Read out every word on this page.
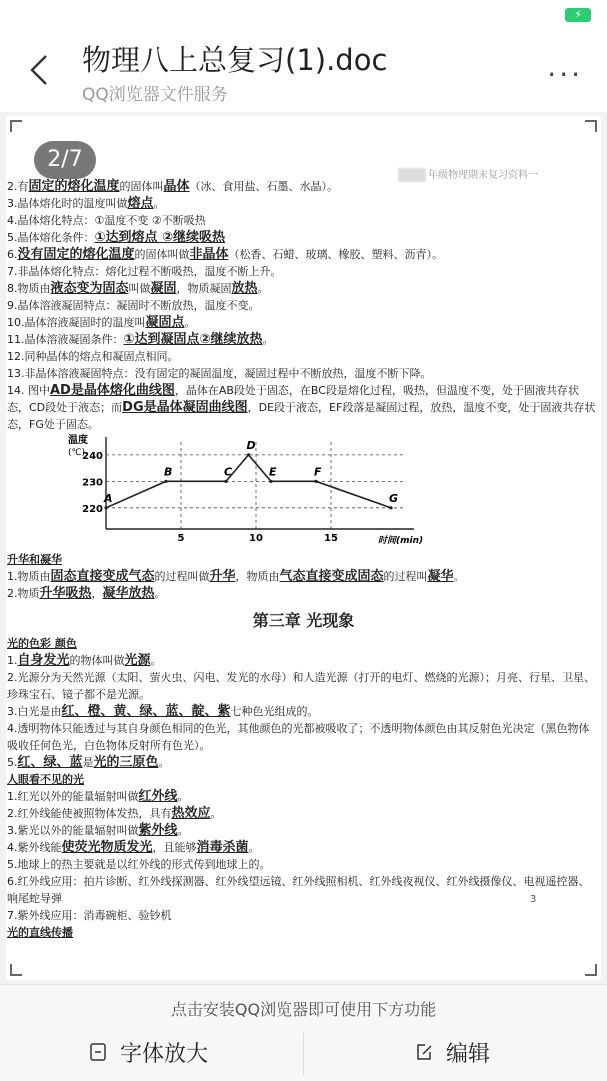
⚡
物理八上总复习(1).doc
QQ浏览器文件服务
···
年级物理期末复习资料一
2.有固定的熔化温度的固体叫晶体（冰、食用盐、石墨、水晶）。
3.晶体熔化时的温度叫做熔点。
4.晶体熔化特点：①温度不变 ②不断吸热
5.晶体熔化条件：①达到熔点 ②继续吸热
6.没有固定的熔化温度的固体叫做非晶体（松香、石蜡、玻璃、橡胶、塑料、沥青）。
7.非晶体熔化特点：熔化过程不断吸热，温度不断上升。
8.物质由液态变为固态叫做凝固，物质凝固放热。
9.晶体溶液凝固特点：凝固时不断放热，温度不变。
10.晶体溶液凝固时的温度叫凝固点。
11.晶体溶液凝固条件：①达到凝固点②继续放热。
12.同种晶体的熔点和凝固点相同。
13.非晶体溶液凝固特点：没有固定的凝固温度，凝固过程中不断放热，温度不断下降。
14. 图中AD是晶体熔化曲线图，晶体在AB段处于固态，在BC段是熔化过程，吸热，但温度不变，处于固液共存状态，CD段处于液态；而DG是晶体凝固曲线图，DE段于液态，EF段落是凝固过程，放热，温度不变，处于固液共存状态，FG处于固态。
温度
(℃)
240
230
220
5	10	15	时间(min)
A
B	C
D
E	F
G
升华和凝华
1.物质由固态直接变成气态的过程叫做升华，物质由气态直接变成固态的过程叫凝华。
2.物质升华吸热，凝华放热。
第三章 光现象
光的色彩 颜色
1.自身发光的物体叫做光源。
2.光源分为天然光源（太阳、萤火虫、闪电、发光的水母）和人造光源（打开的电灯、燃烧的光源）；月亮、行星、卫星、珍珠宝石、镜子都不是光源。
3.白光是由红、橙、黄、绿、蓝、靛、紫七种色光组成的。
4.透明物体只能透过与其自身颜色相同的色光，其他颜色的光都被吸收了；不透明物体颜色由其反射色光决定（黑色物体吸收任何色光，白色物体反射所有色光）。
5.红、绿、蓝是光的三原色。
人眼看不见的光
1.红光以外的能量辐射叫做红外线。
2.红外线能使被照物体发热，具有热效应。
3.紫光以外的能量辐射叫做紫外线。
4.紫外线能使荧光物质发光，且能够消毒杀菌。
5.地球上的热主要就是以红外线的形式传到地球上的。
6.红外线应用：拍片诊断、红外线探测器、红外线望远镜、红外线照相机、红外线夜视仪、红外线摄像仪、电视遥控器、响尾蛇导弹
7.紫外线应用：消毒碗柜、验钞机
光的直线传播
3
2/7
点击安装QQ浏览器即可使用下方功能
字体放大	编辑
